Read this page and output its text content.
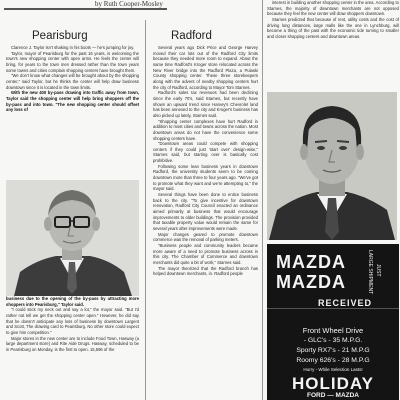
by Ruth Cooper-Mosley	interest in building another shopping center in the area. According to Starnes, the majority of downtown merchants are not opposed because they feel the new center will draw shoppers downtown.

Starnes predicted that because of rent, utility costs and the cost of driving long distances, large malls like the one in Lynchburg, will become a thing of the past with the economic tide turning to smaller and closer shopping centers and downtown areas.

Pearisburg	Radford

Clarence J. Taylor isn't shaking in his boots — he's jumping for joy.

Taylor, mayor of Pearisburg for the past 16 years, is welcoming the town's new shopping center with open arms. He feels the center will bring, for years to the town men dressed rather than the town years some towns and cities complain shopping centers have brought them.

"We don't know what changes will be brought about by the shopping center," said Taylor, but he thinks the center will help draw business downtown since it is located in the town limits.

With the new 400 by-pass drawing into traffic away from town, Taylor said the shopping center will help bring shoppers off the by-pass and into town. "The new shopping center should offset any loss of

business due to the opening of the by-pass by attracting more shoppers into Pearisburg," Taylor said.

"I could stick my neck out and say a lot," the mayor said. "But I'd rather not tell we get the shopping center open." However, he did say that he doesn't anticipate any loss of business by downtown Largent and Scott, The drawing card to Pearisburg. No other store could expect to give him competition."

Major stores in the new center are to include Food Town, Hasway (a large department store) and Rite Aide Drugs. Hasway, scheduled to be in Pearisburg on Monday, is the first to open. 15,596 of the

Several years ago Dick Price and George Harvey moved their car lots out of the Radford City limits because they needed more room to expand. About the same time Radford's Kroger store relocated across the New River bridge into the Radford Plaza, a Pulaski County shopping center. These three storekeepers along with the advent of nearby shopping centers hurt the city of Radford, according to Mayor Tom Starnes.

Radford's sales tax revenues had been declining since the early 70's, said Starnes, but recently have shown an upward trend since Harvey's Chevrolet land has been annexed to the city and Kroger's business has also picked up lately, Starnes said.

"Shopping center complexes have hurt Radford in addition to most cities and towns across the nation. Most downtown areas do not have the convenience some shopping centers have.

"Downtown areas could compete with shopping centers if they could just 'start over' design-wise," Starnes said, but starting over is basically cost prohibitive.

Following some lean business years in downtown Radford, the university students seem to be coming downtown more than three to four years ago. "We've got to promote what they want and we're attempting to," the mayor said.

Several things have been done to entice business back to the city. "To give incentive for downtown renovation, Radford City Council enacted an ordinance aimed primarily at business that would encourage improvements to older buildings. The provision provided that taxable property value would remain the same for several years after improvements were made.

Major changes geared to promote downtown commerce was the removal of parking meters.

"Business people and community leaders became more aware of a need to promote business across in this city. The Chamber of Commerce and downtown merchants did quite a bit of work," Starnes said.

The mayor theorized that the Radford branch has helped downtown merchants, in. Radford people

MAZDA
MAZDA	LARGE SHIPMENT JUST
RECEIVED
Front Wheel Drive
- GLC's - 35 M.P.G.
Sporty RX7's - 21 M.P.G
Roomy 626's - 28 M.P.G
Hurry - While Selection Lasts!
HOLIDAY
FORD — MAZDA
